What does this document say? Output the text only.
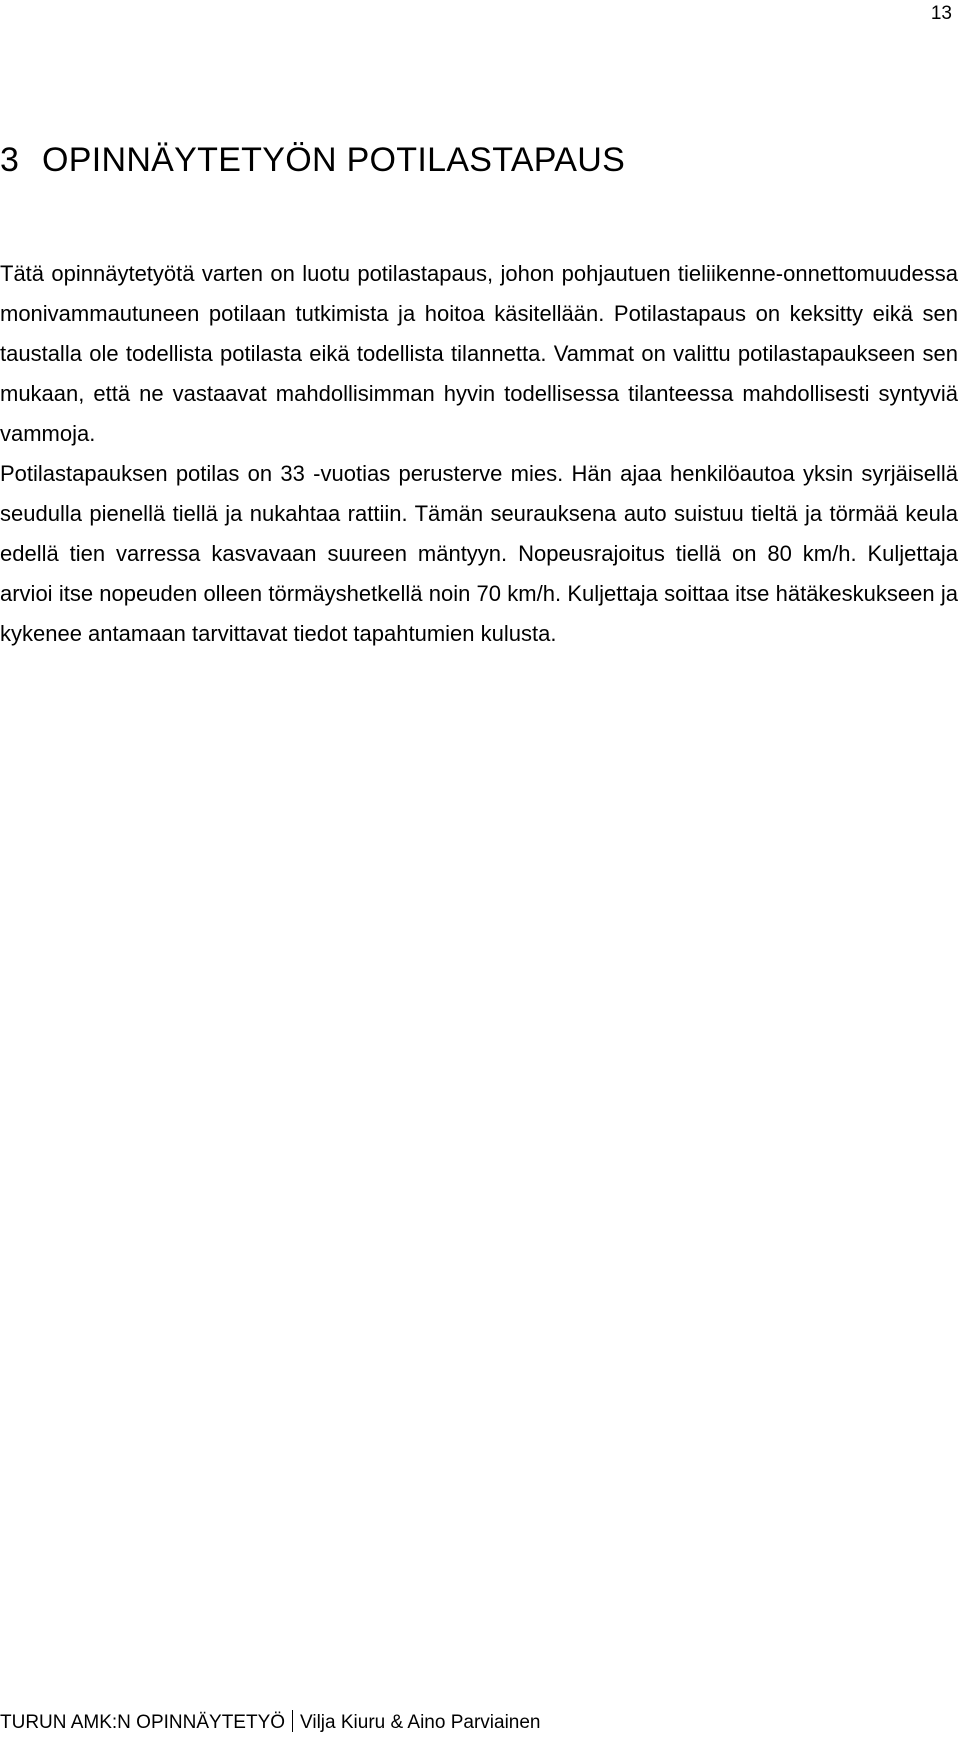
13
3 OPINNÄYTETYÖN POTILASTAPAUS

Tätä opinnäytetyötä varten on luotu potilastapaus, johon pohjautuen tieliikenne-onnettomuudessa monivammautuneen potilaan tutkimista ja hoitoa käsitellään. Potilastapaus on keksitty eikä sen taustalla ole todellista potilasta eikä todellista tilannetta. Vammat on valittu potilastapaukseen sen mukaan, että ne vastaavat mahdollisimman hyvin todellisessa tilanteessa mahdollisesti syntyviä vammoja.

Potilastapauksen potilas on 33 -vuotias perusterve mies. Hän ajaa henkilöautoa yksin syrjäisellä seudulla pienellä tiellä ja nukahtaa rattiin. Tämän seurauksena auto suistuu tieltä ja törmää keula edellä tien varressa kasvavaan suureen mäntyyn. Nopeusrajoitus tiellä on 80 km/h. Kuljettaja arvioi itse nopeuden olleen törmäyshetkellä noin 70 km/h. Kuljettaja soittaa itse hätäkeskukseen ja kykenee antamaan tarvittavat tiedot tapahtumien kulusta.

TURUN AMK:N OPINNÄYTETYÖ Vilja Kiuru & Aino Parviainen
